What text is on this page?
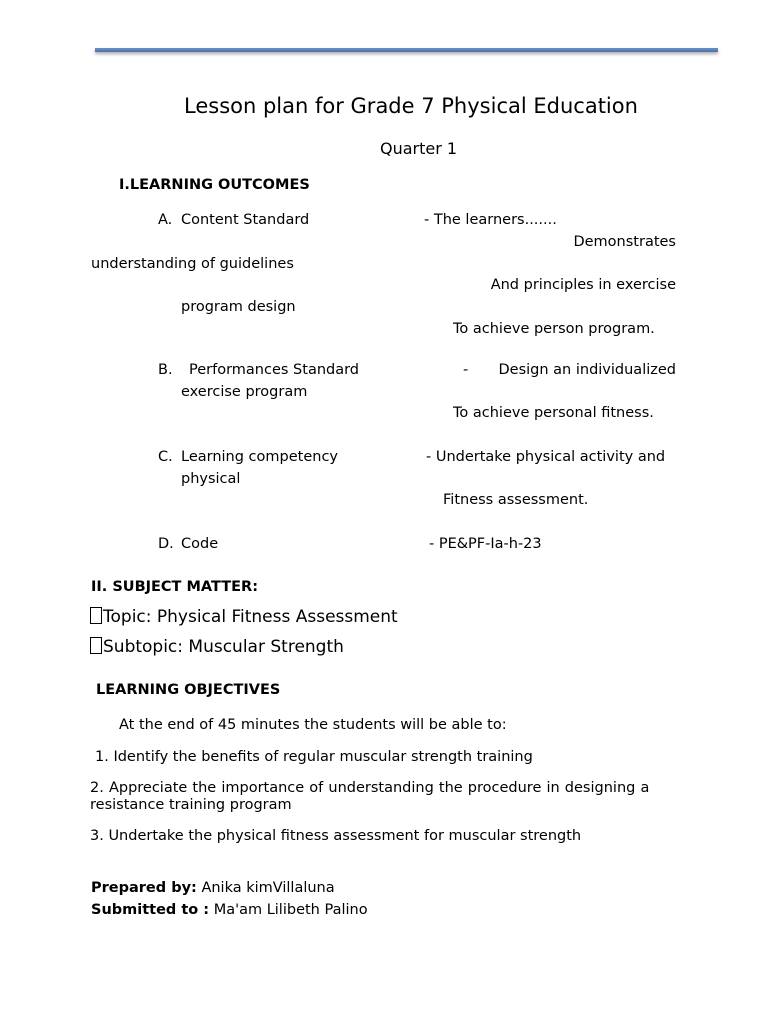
Lesson plan for Grade 7 Physical Education
Quarter 1
I.LEARNING OUTCOMES
A. Content Standard	- The learners.......
Demonstrates
understanding of guidelines
And principles in exercise
program design
To achieve person program.
B. Performances Standard	-	Design an individualized
exercise program
To achieve personal fitness.
C. Learning competency	- Undertake physical activity and
physical
Fitness assessment.
D. Code	- PE&PF-Ia-h-23
II. SUBJECT MATTER:
Topic: Physical Fitness Assessment
Subtopic: Muscular Strength
LEARNING OBJECTIVES
At the end of 45 minutes the students will be able to:
1. Identify the benefits of regular muscular strength training
2. Appreciate the importance of understanding the procedure in designing a
resistance training program
3. Undertake the physical fitness assessment for muscular strength
Prepared by: Anika kimVillaluna
Submitted to : Ma'am Lilibeth Palino
